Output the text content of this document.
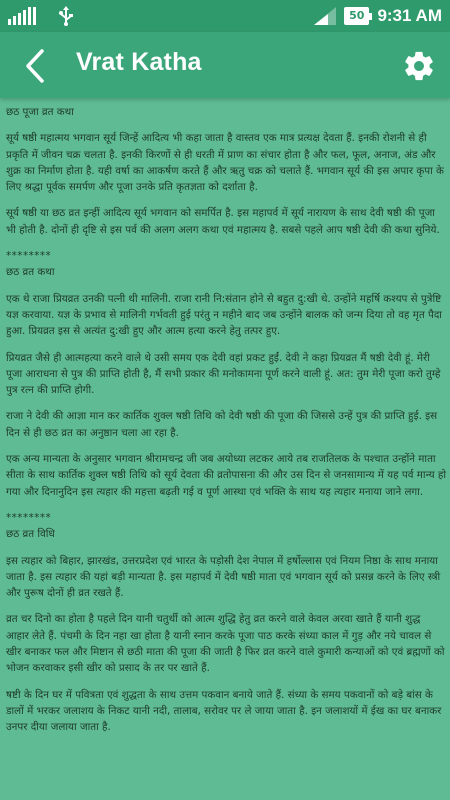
50 9:31 AM
Vrat Katha

छठ पूजा व्रत कथा

सूर्य षष्ठी महात्मय भगवान सूर्य जिन्हें आदित्य भी कहा जाता है वास्तव एक मात्र प्रत्यक्ष देवता हैं. इनकी रोशनी से ही प्रकृति में जीवन चक्र चलता है. इनकी किरणों से ही धरती में प्राण का संचार होता है और फल, फूल, अनाज, अंड और शुक्र का निर्माण होता है. यही वर्षा का आकर्षण करते हैं और ऋतु चक्र को चलाते हैं. भगवान सूर्य की इस अपार कृपा के लिए श्रद्धा पूर्वक समर्पण और पूजा उनके प्रति कृतज्ञता को दर्शाता है.

सूर्य षष्ठी या छठ व्रत इन्हीं आदित्य सूर्य भगवान को समर्पित है. इस महापर्व में सूर्य नारायण के साथ देवी षष्ठी की पूजा भी होती है. दोनों ही दृष्टि से इस पर्व की अलग अलग कथा एवं महात्मय है. सबसे पहले आप षष्ठी देवी की कथा सुनिये.

********

छठ व्रत कथा

एक थे राजा प्रियव्रत उनकी पत्नी थी मालिनी. राजा रानी नि:संतान होने से बहुत दु:खी थे. उन्होंने महर्षि कश्यप से पुत्रेष्टि यज्ञ करवाया. यज्ञ के प्रभाव से मालिनी गर्भवती हुई परंतु न महीने बाद जब उन्होंने बालक को जन्म दिया तो वह मृत पैदा हुआ. प्रियव्रत इस से अत्यंत दु:खी हुए और आत्म हत्या करने हेतु तत्पर हुए.

प्रियव्रत जैसे ही आत्महत्या करने वाले थे उसी समय एक देवी वहां प्रकट हुईं. देवी ने कहा प्रियव्रत मैं षष्ठी देवी हूं. मेरी पूजा आराधना से पुत्र की प्राप्ति होती है, मैं सभी प्रकार की मनोकामना पूर्ण करने वाली हूं. अत: तुम मेरी पूजा करो तुम्हे पुत्र रत्न की प्राप्ति होगी.

राजा ने देवी की आज्ञा मान कर कार्तिक शुक्ल षष्ठी तिथि को देवी षष्ठी की पूजा की जिससे उन्हें पुत्र की प्राप्ति हुई. इस दिन से ही छठ व्रत का अनुष्ठान चला आ रहा है.

एक अन्य मान्यता के अनुसार भगवान श्रीरामचन्द्र जी जब अयोध्या लटकर आये तब राजतिलक के पश्चात उन्होंने माता सीता के साथ कार्तिक शुक्ल षष्ठी तिथि को सूर्य देवता की व्रतोपासना की और उस दिन से जनसामान्य में यह पर्व मान्य हो गया और दिनानुदिन इस त्यहार की महत्ता बढ़ती गई व पूर्ण आस्था एवं भक्ति के साथ यह त्यहार मनाया जाने लगा.

********

छठ व्रत विधि

इस त्यहार को बिहार, झारखंड, उत्तरप्रदेश एवं भारत के पड़ोसी देश नेपाल में हर्षोल्लास एवं नियम निष्ठा के साथ मनाया जाता है. इस त्यहार की यहां बड़ी मान्यता है. इस महापर्व में देवी षष्ठी माता एवं भगवान सूर्य को प्रसन्न करने के लिए स्त्री और पुरूष दोनों ही व्रत रखते हैं.

व्रत चर दिनो का होता है पहले दिन यानी चतुर्थी को आत्म शुद्धि हेतु व्रत करने वाले केवल अरवा खाते हैं यानी शुद्ध आहार लेते हैं. पंचमी के दिन नहा खा होता है यानी स्नान करके पूजा पाठ करके संध्या काल में गुड़ और नये चावल से खीर बनाकर फल और मिष्टान से छठी माता की पूजा की जाती है फिर व्रत करने वाले कुमारी कन्याओं को एवं ब्रह्मणों को भोजन करवाकर इसी खीर को प्रसाद के तर पर खाते हैं.

षष्टी के दिन घर में पवित्रता एवं शुद्धता के साथ उत्तम पकवान बनाये जाते हैं. संध्या के समय पकवानों को बड़े बांस के डालों में भरकर जलाशय के निकट यानी नदी, तालाब, सरोवर पर ले जाया जाता है. इन जलाशयों में ईख का घर बनाकर उनपर दीया जलाया जाता है.
